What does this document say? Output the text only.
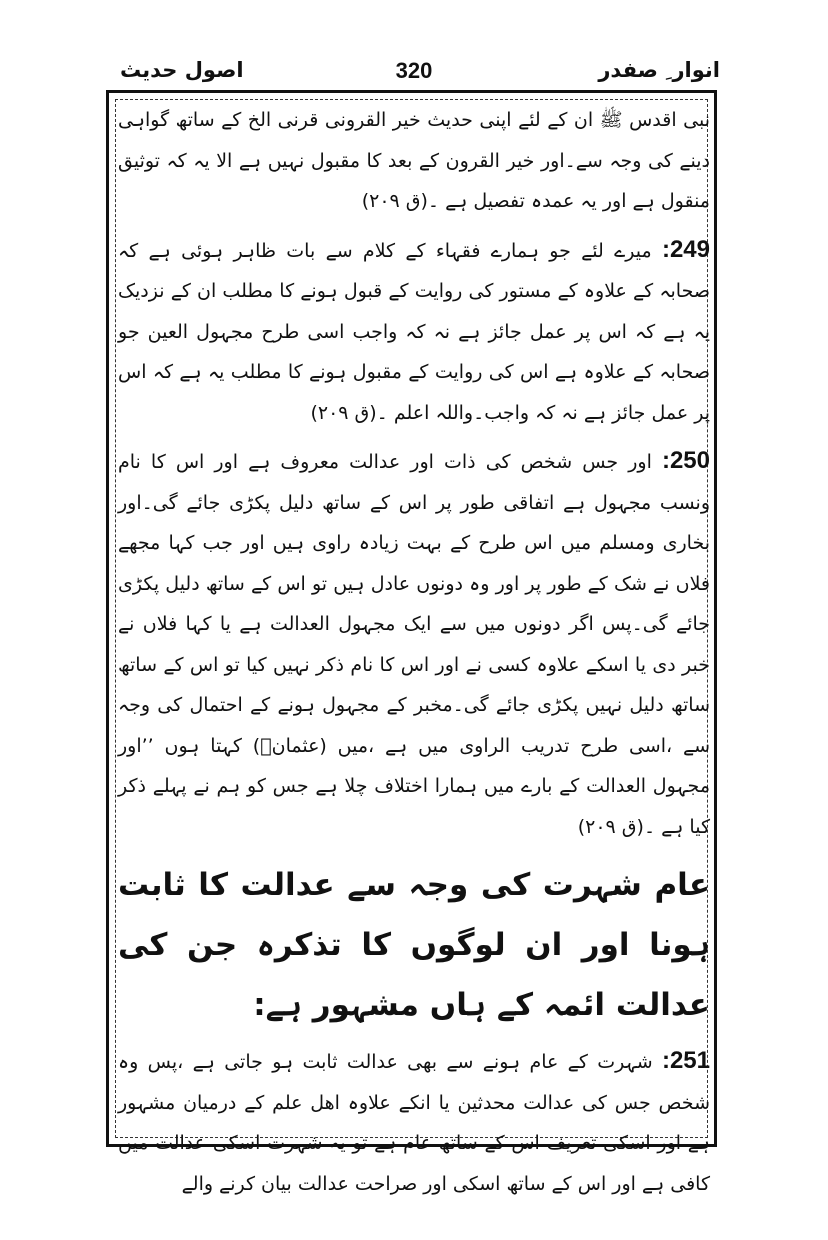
اصول حدیث	320	انوار ِ صفدر

نبی اقدس ﷺ ان کے لئے اپنی حدیث خیر القرونی قرنی الخ کے ساتھ گواہی دینے کی وجہ سے۔اور خیر القرون کے بعد کا مقبول نہیں ہے الا یہ کہ توثیق منقول ہے اور یہ عمدہ تفصیل ہے ۔(ق ۲۰۹)

249: میرے لئے جو ہمارے فقہاء کے کلام سے بات ظاہر ہوئی ہے کہ صحابہ کے علاوہ کے مستور کی روایت کے قبول ہونے کا مطلب ان کے نزدیک یہ ہے کہ اس پر عمل جائز ہے نہ کہ واجب اسی طرح مجہول العین جو صحابہ کے علاوہ ہے اس کی روایت کے مقبول ہونے کا مطلب یہ ہے کہ اس پر عمل جائز ہے نہ کہ واجب۔واللہ اعلم ۔(ق ۲۰۹)

250: اور جس شخص کی ذات اور عدالت معروف ہے اور اس کا نام ونسب مجہول ہے اتفاقی طور پر اس کے ساتھ دلیل پکڑی جائے گی۔اور بخاری ومسلم میں اس طرح کے بہت زیادہ راوی ہیں اور جب کہا مجھے فلاں نے شک کے طور پر اور وہ دونوں عادل ہیں تو اس کے ساتھ دلیل پکڑی جائے گی۔پس اگر دونوں میں سے ایک مجہول العدالت ہے یا کہا فلاں نے خبر دی یا اسکے علاوہ کسی نے اور اس کا نام ذکر نہیں کیا تو اس کے ساتھ ساتھ دلیل نہیں پکڑی جائے گی۔مخبر کے مجہول ہونے کے احتمال کی وجہ سے ،اسی طرح تدریب الراوی میں ہے ،میں (عثمانؒ) کہتا ہوں ’’اور مجہول العدالت کے بارے میں ہمارا اختلاف چلا ہے جس کو ہم نے پہلے ذکر کیا ہے ۔(ق ۲۰۹)

عام شہرت کی وجہ سے عدالت کا ثابت ہونا اور ان لوگوں کا تذکرہ جن کی عدالت ائمہ کے ہاں مشہور ہے:

251: شہرت کے عام ہونے سے بھی عدالت ثابت ہو جاتی ہے ،پس وہ شخص جس کی عدالت محدثین یا انکے علاوہ اھل علم کے درمیان مشہور ہے اور اسکی تعریف اس کے ساتھ عام ہے تو یہ شہرت اسکی عدالت میں کافی ہے اور اس کے ساتھ اسکی اور صراحت عدالت بیان کرنے والے
